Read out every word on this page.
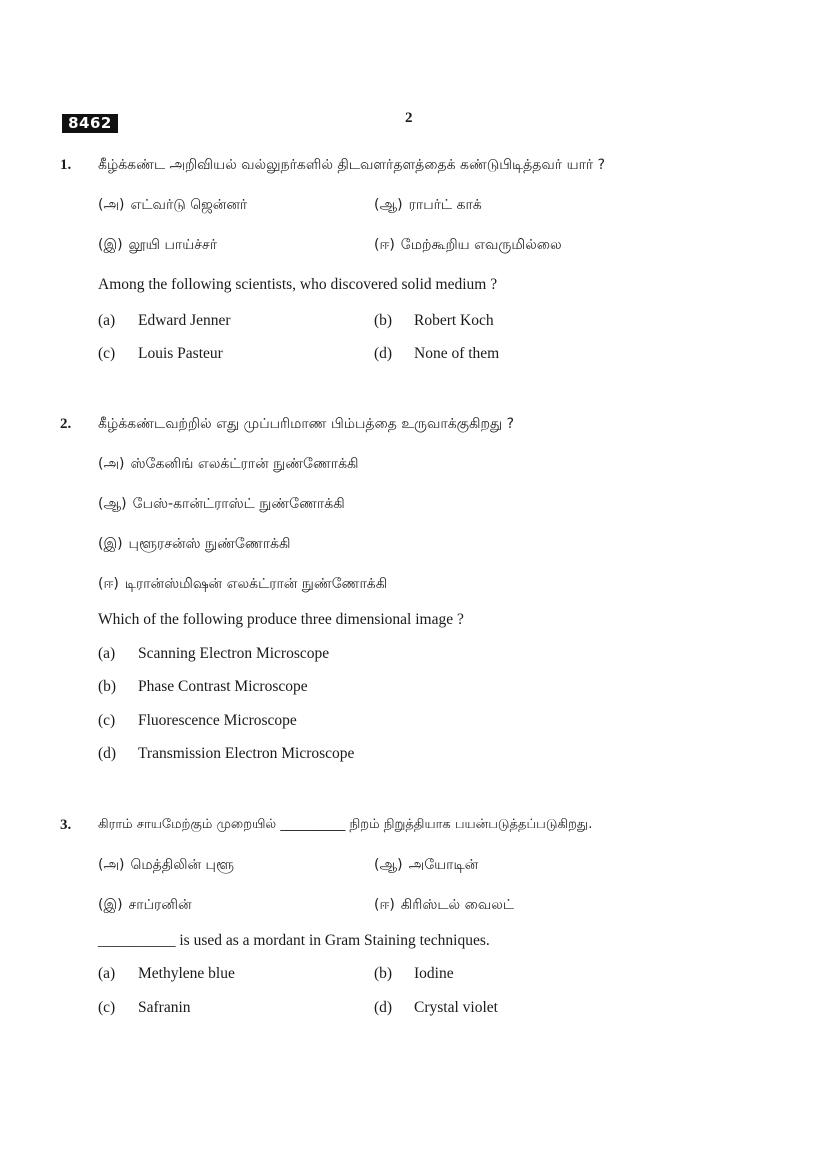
8462	2
1. கீழ்க்கண்ட அறிவியல் வல்லுநர்களில் திடவளர்தளத்தைக் கண்டுபிடித்தவர் யார் ?
(அ) எட்வர்டு ஜென்னர்	(ஆ) ராபர்ட் காக்
(இ) லூயி பாய்ச்சர்	(ஈ) மேற்கூறிய எவருமில்லை
Among the following scientists, who discovered solid medium ?
(a) Edward Jenner	(b) Robert Koch
(c) Louis Pasteur	(d) None of them
2. கீழ்க்கண்டவற்றில் எது முப்பரிமாண பிம்பத்தை உருவாக்குகிறது ?
(அ) ஸ்கேனிங் எலக்ட்ரான் நுண்ணோக்கி
(ஆ) பேஸ்-கான்ட்ராஸ்ட் நுண்ணோக்கி
(இ) புளூரசன்ஸ் நுண்ணோக்கி
(ஈ) டிரான்ஸ்மிஷன் எலக்ட்ரான் நுண்ணோக்கி
Which of the following produce three dimensional image ?
(a) Scanning Electron Microscope
(b) Phase Contrast Microscope
(c) Fluorescence Microscope
(d) Transmission Electron Microscope
3. கிராம் சாயமேற்கும் முறையில் __________ நிறம் நிறுத்தியாக பயன்படுத்தப்படுகிறது.
(அ) மெத்திலின் புளூ	(ஆ) அயோடின்
(இ) சாப்ரனின்	(ஈ) கிரிஸ்டல் வைலட்
__________ is used as a mordant in Gram Staining techniques.
(a) Methylene blue	(b) Iodine
(c) Safranin	(d) Crystal violet
